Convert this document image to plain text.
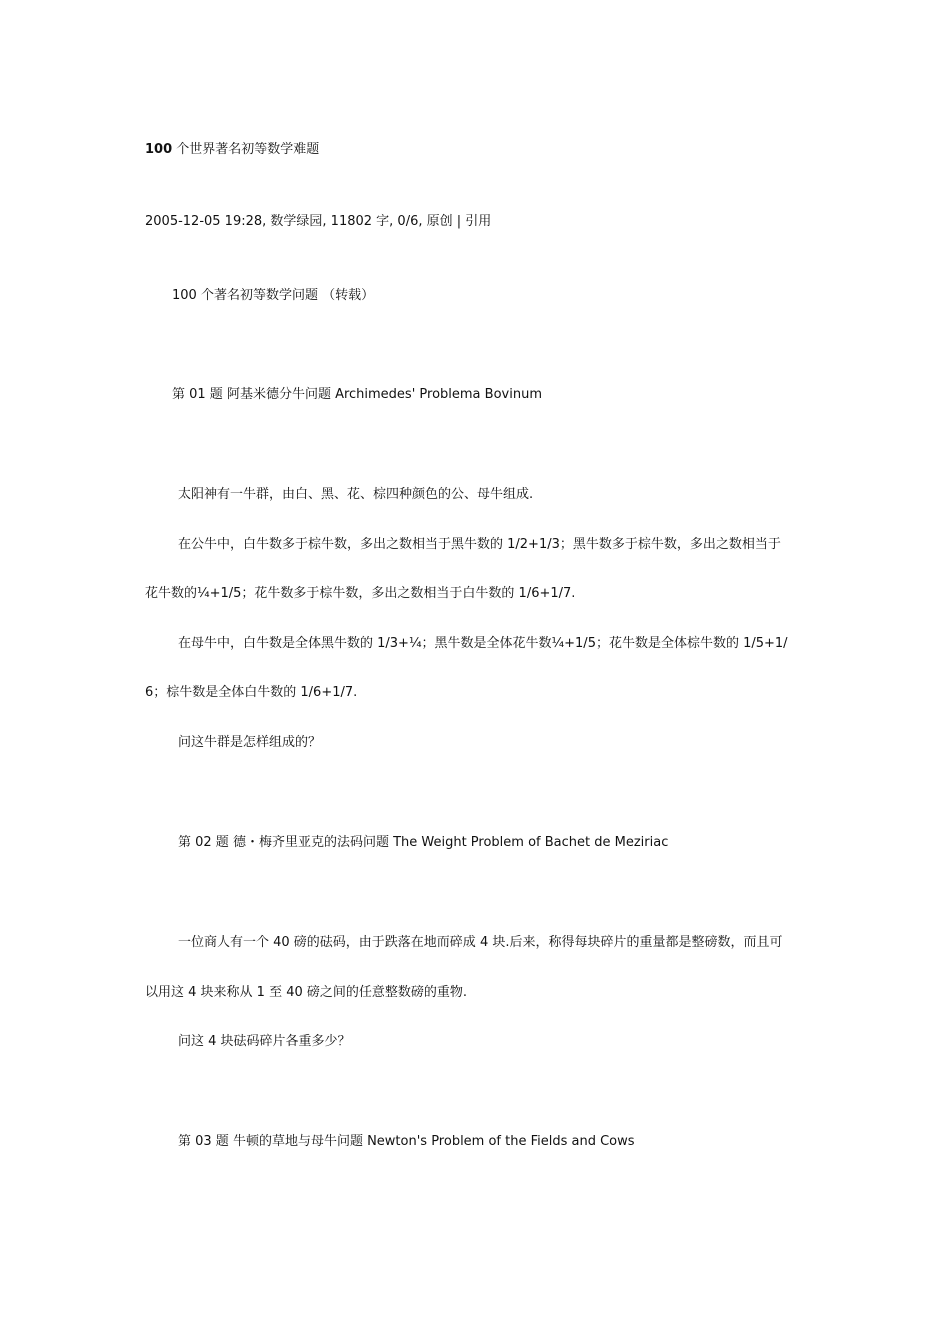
100 个世界著名初等数学难题
2005-12-05 19:28, 数学绿园, 11802 字, 0/6, 原创 | 引用
100 个著名初等数学问题 （转载）
第 01 题 阿基米德分牛问题 Archimedes' Problema Bovinum
太阳神有一牛群，由白、黑、花、棕四种颜色的公、母牛组成.
在公牛中，白牛数多于棕牛数，多出之数相当于黑牛数的 1/2+1/3；黑牛数多于棕牛数，多出之数相当于
花牛数的¼+1/5；花牛数多于棕牛数，多出之数相当于白牛数的 1/6+1/7.
在母牛中，白牛数是全体黑牛数的 1/3+¼；黑牛数是全体花牛数¼+1/5；花牛数是全体棕牛数的 1/5+1/
6；棕牛数是全体白牛数的 1/6+1/7.
问这牛群是怎样组成的？
第 02 题 德・梅齐里亚克的法码问题 The Weight Problem of Bachet de Meziriac
一位商人有一个 40 磅的砝码，由于跌落在地而碎成 4 块.后来，称得每块碎片的重量都是整磅数，而且可
以用这 4 块来称从 1 至 40 磅之间的任意整数磅的重物.
问这 4 块砝码碎片各重多少？
第 03 题 牛顿的草地与母牛问题 Newton's Problem of the Fields and Cows
